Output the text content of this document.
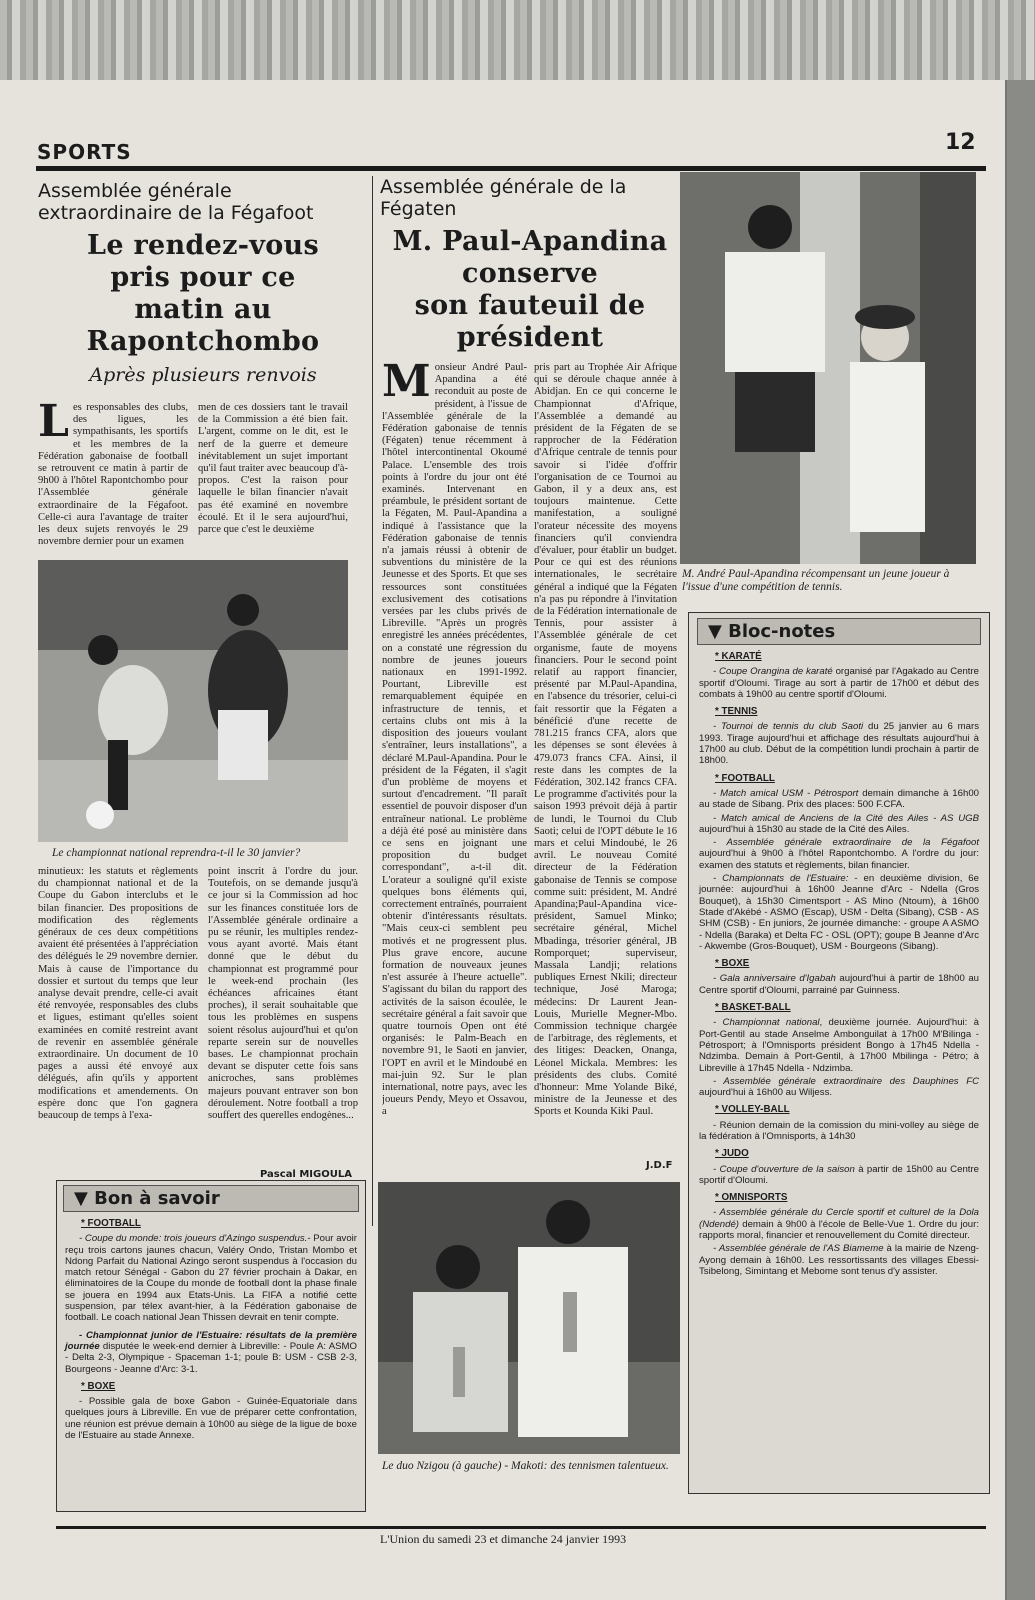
SPORTS	12
Assemblée générale
extraordinaire de la Fégafoot
Le rendez-vous
pris pour ce
matin au
Rapontchombo
Après plusieurs renvois
Les responsables des clubs, des ligues, les sympathisants, les sportifs et les membres de la Fédération gabonaise de football se retrouvent ce matin à partir de 9h00 à l'hôtel Rapontchombo pour l'Assemblée générale extraordinaire de la Fégafoot. Celle-ci aura l'avantage de traiter les deux sujets renvoyés le 29 novembre dernier pour un examen
men de ces dossiers tant le travail de la Commission a été bien fait. L'argent, comme on le dit, est le nerf de la guerre et demeure inévitablement un sujet important qu'il faut traiter avec beaucoup d'à-propos. C'est la raison pour laquelle le bilan financier n'avait pas été examiné en novembre écoulé. Et il le sera aujourd'hui, parce que c'est le deuxième
Le championnat national reprendra-t-il le 30 janvier?
minutieux: les statuts et règlements du championnat national et de la Coupe du Gabon interclubs et le bilan financier. Des propositions de modification des règlements généraux de ces deux compétitions avaient été présentées à l'appréciation des délégués le 29 novembre dernier. Mais à cause de l'importance du dossier et surtout du temps que leur analyse devait prendre, celle-ci avait été renvoyée, responsables des clubs et ligues, estimant qu'elles soient examinées en comité restreint avant de revenir en assemblée générale extraordinaire. Un document de 10 pages a aussi été envoyé aux délégués, afin qu'ils y apportent modifications et amendements. On espère donc que l'on gagnera beaucoup de temps à l'exa-
point inscrit à l'ordre du jour. Toutefois, on se demande jusqu'à ce jour si la Commission ad hoc sur les finances constituée lors de l'Assemblée générale ordinaire a pu se réunir, les multiples rendez-vous ayant avorté. Mais étant donné que le début du championnat est programmé pour le week-end prochain (les échéances africaines étant proches), il serait souhaitable que tous les problèmes en suspens soient résolus aujourd'hui et qu'on reparte serein sur de nouvelles bases. Le championnat prochain devant se disputer cette fois sans anicroches, sans problèmes majeurs pouvant entraver son bon déroulement. Notre football a trop souffert des querelles endogènes...
Pascal MIGOULA
▼ Bon à savoir
* FOOTBALL

- Coupe du monde: trois joueurs d'Azingo suspendus.- Pour avoir reçu trois cartons jaunes chacun, Valéry Ondo, Tristan Mombo et Ndong Parfait du National Azingo seront suspendus à l'occasion du match retour Sénégal - Gabon du 27 février prochain à Dakar, en éliminatoires de la Coupe du monde de football dont la phase finale se jouera en 1994 aux Etats-Unis. La FIFA a notifié cette suspension, par télex avant-hier, à la Fédération gabonaise de football. Le coach national Jean Thissen devrait en tenir compte.

- Championnat junior de l'Estuaire: résultats de la première journée disputée le week-end dernier à Libreville: - Poule A: ASMO - Delta 2-3, Olympique - Spaceman 1-1; poule B: USM - CSB 2-3, Bourgeons - Jeanne d'Arc: 3-1.

* BOXE

- Possible gala de boxe Gabon - Guinée-Equatoriale dans quelques jours à Libreville. En vue de préparer cette confrontation, une réunion est prévue demain à 10h00 au siège de la ligue de boxe de l'Estuaire au stade Annexe.

Assemblée générale de la
Fégaten
M. Paul-Apandina
conserve
son fauteuil de
président
Monsieur André Paul-Apandina a été reconduit au poste de président, à l'issue de l'Assemblée générale de la Fédération gabonaise de tennis (Fégaten) tenue récemment à l'hôtel intercontinental Okoumé Palace. L'ensemble des trois points à l'ordre du jour ont été examinés. Intervenant en préambule, le président sortant de la Fégaten, M. Paul-Apandina a indiqué à l'assistance que la Fédération gabonaise de tennis n'a jamais réussi à obtenir de subventions du ministère de la Jeunesse et des Sports. Et que ses ressources sont constituées exclusivement des cotisations versées par les clubs privés de Libreville. "Après un progrès enregistré les années précédentes, on a constaté une régression du nombre de jeunes joueurs nationaux en 1991-1992. Pourtant, Libreville est remarquablement équipée en infrastructure de tennis, et certains clubs ont mis à la disposition des joueurs voulant s'entraîner, leurs installations", a déclaré M.Paul-Apandina. Pour le président de la Fégaten, il s'agit d'un problème de moyens et surtout d'encadrement. "Il paraît essentiel de pouvoir disposer d'un entraîneur national. Le problème a déjà été posé au ministère dans ce sens en joignant une proposition du budget correspondant", a-t-il dit. L'orateur a souligné qu'il existe quelques bons éléments qui, correctement entraînés, pourraient obtenir d'intéressants résultats. "Mais ceux-ci semblent peu motivés et ne progressent plus. Plus grave encore, aucune formation de nouveaux jeunes n'est assurée à l'heure actuelle". S'agissant du bilan du rapport des activités de la saison écoulée, le secrétaire général a fait savoir que quatre tournois Open ont été organisés: le Palm-Beach en novembre 91, le Saoti en janvier, l'OPT en avril et le Mindoubé en mai-juin 92. Sur le plan international, notre pays, avec les joueurs Pendy, Meyo et Ossavou, a
pris part au Trophée Air Afrique qui se déroule chaque année à Abidjan. En ce qui concerne le Championnat d'Afrique, l'Assemblée a demandé au président de la Fégaten de se rapprocher de la Fédération d'Afrique centrale de tennis pour savoir si l'idée d'offrir l'organisation de ce Tournoi au Gabon, il y a deux ans, est toujours maintenue. Cette manifestation, a souligné l'orateur nécessite des moyens financiers qu'il conviendra d'évaluer, pour établir un budget. Pour ce qui est des réunions internationales, le secrétaire général a indiqué que la Fégaten n'a pas pu répondre à l'invitation de la Fédération internationale de Tennis, pour assister à l'Assemblée générale de cet organisme, faute de moyens financiers. Pour le second point relatif au rapport financier, présenté par M.Paul-Apandina, en l'absence du trésorier, celui-ci fait ressortir que la Fégaten a bénéficié d'une recette de 781.215 francs CFA, alors que les dépenses se sont élevées à 479.073 francs CFA. Ainsi, il reste dans les comptes de la Fédération, 302.142 francs CFA. Le programme d'activités pour la saison 1993 prévoit déjà à partir de lundi, le Tournoi du Club Saoti; celui de l'OPT débute le 16 mars et celui Mindoubé, le 26 avril. Le nouveau Comité directeur de la Fédération gabonaise de Tennis se compose comme suit: président, M. André Apandina;Paul-Apandina vice-président, Samuel Minko; secrétaire général, Michel Mbadinga, trésorier général, JB Romporquet; superviseur, Massala Landji; relations publiques Ernest Nkili; directeur technique, José Maroga; médecins: Dr Laurent Jean-Louis, Murielle Megner-Mbo. Commission technique chargée de l'arbitrage, des règlements, et des litiges: Deacken, Onanga, Léonel Mickala. Membres: les présidents des clubs. Comité d'honneur: Mme Yolande Biké, ministre de la Jeunesse et des Sports et Kounda Kiki Paul.
J.D.F
M. André Paul-Apandina récompensant un jeune joueur à l'issue d'une compétition de tennis.
▼ Bloc-notes
* KARATÉ

- Coupe Orangina de karaté organisé par l'Agakado au Centre sportif d'Oloumi. Tirage au sort à partir de 17h00 et début des combats à 19h00 au centre sportif d'Oloumi.

* TENNIS

- Tournoi de tennis du club Saoti du 25 janvier au 6 mars 1993. Tirage aujourd'hui et affichage des résultats aujourd'hui à 17h00 au club. Début de la compétition lundi prochain à partir de 18h00.

* FOOTBALL

- Match amical USM - Pétrosport demain dimanche à 16h00 au stade de Sibang. Prix des places: 500 F.CFA.

- Match amical de Anciens de la Cité des Ailes - AS UGB aujourd'hui à 15h30 au stade de la Cité des Ailes.

- Assemblée générale extraordinaire de la Fégafoot aujourd'hui à 9h00 à l'hôtel Rapontchombo. A l'ordre du jour: examen des statuts et règlements, bilan financier.

- Championnats de l'Estuaire: - en deuxième division, 6e journée: aujourd'hui à 16h00 Jeanne d'Arc - Ndella (Gros Bouquet), à 15h30 Cimentsport - AS Mino (Ntoum), à 16h00 Stade d'Akébé - ASMO (Escap), USM - Delta (Sibang), CSB - AS SHM (CSB) - En juniors, 2e journée dimanche: - groupe A ASMO - Ndella (Baraka) et Delta FC - OSL (OPT); goupe B Jeanne d'Arc - Akwembe (Gros-Bouquet), USM - Bourgeons (Sibang).

* BOXE

- Gala anniversaire d'Igabah aujourd'hui à partir de 18h00 au Centre sportif d'Oloumi, parrainé par Guinness.

* BASKET-BALL

- Championnat national, deuxième journée. Aujourd'hui: à Port-Gentil au stade Anselme Ambonguilat à 17h00 M'Bilinga - Pétrosport; à l'Omnisports président Bongo à 17h45 Ndella - Ndzimba. Demain à Port-Gentil, à 17h00 Mbilinga - Pétro; à Libreville à 17h45 Ndella - Ndzimba.

- Assemblée générale extraordinaire des Dauphines FC aujourd'hui à 16h00 au Wiljess.

* VOLLEY-BALL

- Réunion demain de la comission du mini-volley au siège de la fédération à l'Omnisports, à 14h30

* JUDO

- Coupe d'ouverture de la saison à partir de 15h00 au Centre sportif d'Oloumi.

* OMNISPORTS

- Assemblée générale du Cercle sportif et culturel de la Dola (Ndendé) demain à 9h00 à l'école de Belle-Vue 1. Ordre du jour: rapports moral, financier et renouvellement du Comité directeur.

- Assemblée générale de l'AS Biameme à la mairie de Nzeng-Ayong demain à 16h00. Les ressortissants des villages Ebessi-Tsibelong, Simintang et Mebome sont tenus d'y assister.

Le duo Nzigou (à gauche) - Makoti: des tennismen talentueux.
L'Union du samedi 23 et dimanche 24 janvier 1993
